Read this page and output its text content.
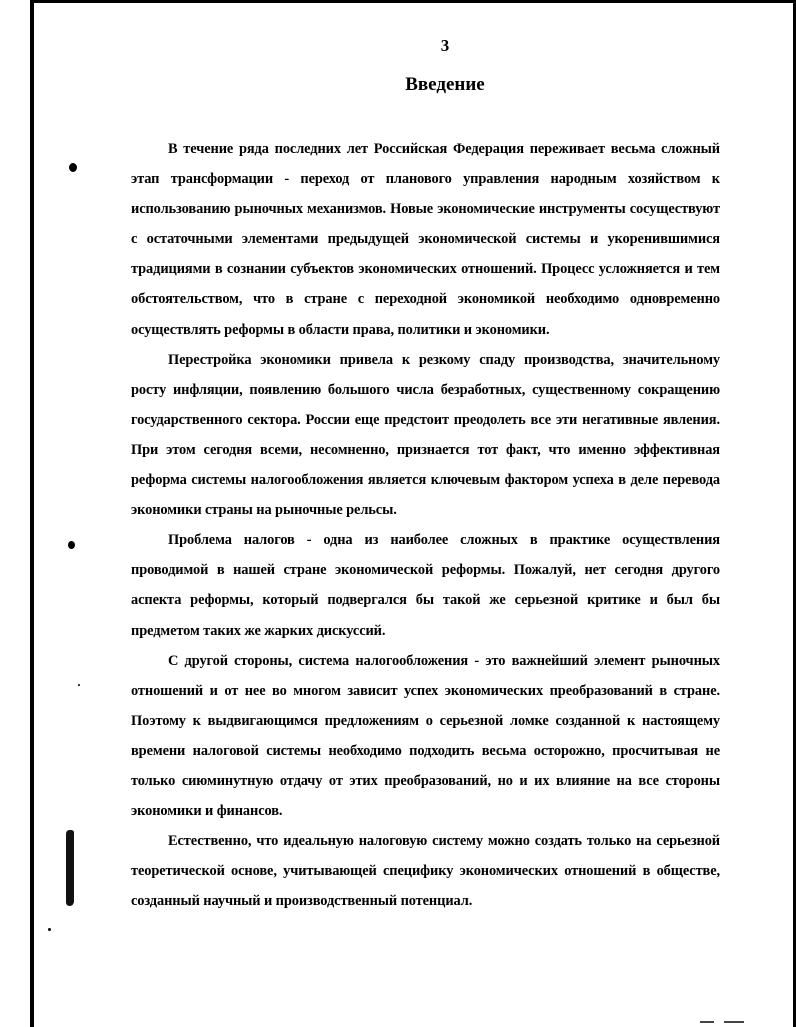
3
Введение

В течение ряда последних лет Российская Федерация переживает весьма сложный этап трансформации - переход от планового управления народным хозяйством к использованию рыночных механизмов. Новые экономические инструменты сосуществуют с остаточными элементами предыдущей экономической системы и укоренившимися традициями в сознании субъектов экономических отношений. Процесс усложняется и тем обстоятельством, что в стране с переходной экономикой необходимо одновременно осуществлять реформы в области права, политики и экономики.

Перестройка экономики привела к резкому спаду производства, значительному росту инфляции, появлению большого числа безработных, существенному сокращению государственного сектора. России еще предстоит преодолеть все эти негативные явления. При этом сегодня всеми, несомненно, признается тот факт, что именно эффективная реформа системы налогообложения является ключевым фактором успеха в деле перевода экономики страны на рыночные рельсы.

Проблема налогов - одна из наиболее сложных в практике осуществления проводимой в нашей стране экономической реформы. Пожалуй, нет сегодня другого аспекта реформы, который подвергался бы такой же серьезной критике и был бы предметом таких же жарких дискуссий.

С другой стороны, система налогообложения - это важнейший элемент рыночных отношений и от нее во многом зависит успех экономических преобразований в стране. Поэтому к выдвигающимся предложениям о серьезной ломке созданной к настоящему времени налоговой системы необходимо подходить весьма осторожно, просчитывая не только сиюминутную отдачу от этих преобразований, но и их влияние на все стороны экономики и финансов.

Естественно, что идеальную налоговую систему можно создать только на серьезной теоретической основе, учитывающей специфику экономических отношений в обществе, созданный научный и производственный потенциал.
